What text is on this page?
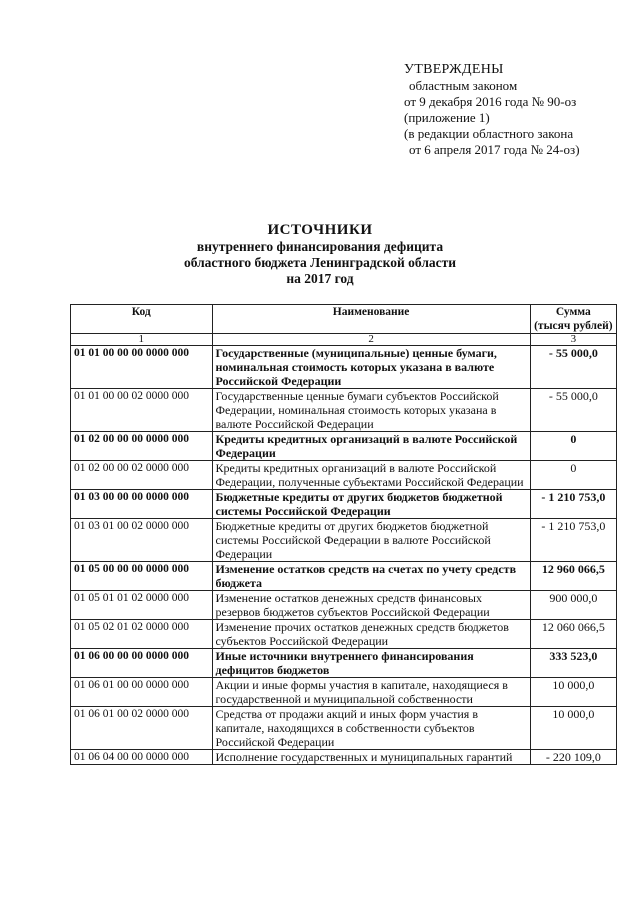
УТВЕРЖДЕНЫ
областным законом
от 9 декабря 2016 года № 90-оз
(приложение 1)
(в редакции областного закона
от 6 апреля 2017 года № 24-оз)
ИСТОЧНИКИ
внутреннего финансирования дефицита
областного бюджета Ленинградской области
на 2017 год
Код	Наименование	Сумма
(тысяч рублей)
1	2	3
01 01 00 00 00 0000 000	Государственные (муниципальные) ценные бумаги, номинальная стоимость которых указана в валюте Российской Федерации	- 55 000,0
01 01 00 00 02 0000 000	Государственные ценные бумаги субъектов Российской Федерации, номинальная стоимость которых указана в валюте Российской Федерации	- 55 000,0
01 02 00 00 00 0000 000	Кредиты кредитных организаций в валюте Российской Федерации	0
01 02 00 00 02 0000 000	Кредиты кредитных организаций в валюте Российской Федерации, полученные субъектами Российской Федерации	0
01 03 00 00 00 0000 000	Бюджетные кредиты от других бюджетов бюджетной системы Российской Федерации	- 1 210 753,0
01 03 01 00 02 0000 000	Бюджетные кредиты от других бюджетов бюджетной системы Российской Федерации в валюте Российской Федерации	- 1 210 753,0
01 05 00 00 00 0000 000	Изменение остатков средств на счетах по учету средств бюджета	12 960 066,5
01 05 01 01 02 0000 000	Изменение остатков денежных средств финансовых резервов бюджетов субъектов Российской Федерации	900 000,0
01 05 02 01 02 0000 000	Изменение прочих остатков денежных средств бюджетов субъектов Российской Федерации	12 060 066,5
01 06 00 00 00 0000 000	Иные источники внутреннего финансирования дефицитов бюджетов	333 523,0
01 06 01 00 00 0000 000	Акции и иные формы участия в капитале, находящиеся в государственной и муниципальной собственности	10 000,0
01 06 01 00 02 0000 000	Средства от продажи акций и иных форм участия в капитале, находящихся в собственности субъектов Российской Федерации	10 000,0
01 06 04 00 00 0000 000	Исполнение государственных и муниципальных гарантий	- 220 109,0
